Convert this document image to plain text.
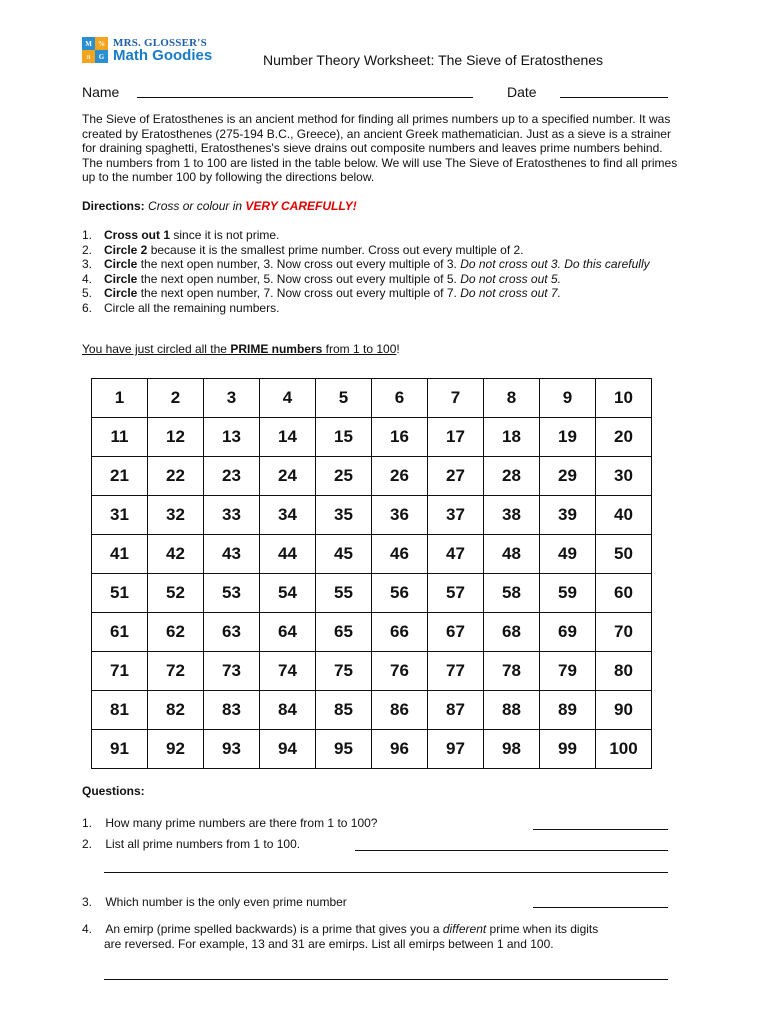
M %
π	G
MRS. GLOSSER'S
Math Goodies	Number Theory Worksheet: The Sieve of Eratosthenes
Name	Date
The Sieve of Eratosthenes is an ancient method for finding all primes numbers up to a specified number. It was created by Eratosthenes (275-194 B.C., Greece), an ancient Greek mathematician. Just as a sieve is a strainer for draining spaghetti, Eratosthenes's sieve drains out composite numbers and leaves prime numbers behind. The numbers from 1 to 100 are listed in the table below. We will use The Sieve of Eratosthenes to find all primes up to the number 100 by following the directions below.
Directions: Cross or colour in VERY CAREFULLY!
1. Cross out 1 since it is not prime.
2. Circle 2 because it is the smallest prime number. Cross out every multiple of 2.
3. Circle the next open number, 3. Now cross out every multiple of 3. Do not cross out 3. Do this carefully
4. Circle the next open number, 5. Now cross out every multiple of 5. Do not cross out 5.
5. Circle the next open number, 7. Now cross out every multiple of 7. Do not cross out 7.
6. Circle all the remaining numbers.
You have just circled all the PRIME numbers from 1 to 100!
1	2	3	4	5	6	7	8	9	10
11	12	13	14	15	16	17	18	19	20
21	22	23	24	25	26	27	28	29	30
31	32	33	34	35	36	37	38	39	40
41	42	43	44	45	46	47	48	49	50
51	52	53	54	55	56	57	58	59	60
61	62	63	64	65	66	67	68	69	70
71	72	73	74	75	76	77	78	79	80
81	82	83	84	85	86	87	88	89	90
91	92	93	94	95	96	97	98	99	100
Questions:
1. How many prime numbers are there from 1 to 100?
2. List all prime numbers from 1 to 100.
3. Which number is the only even prime number
4. An emirp (prime spelled backwards) is a prime that gives you a different prime when its digits
are reversed. For example, 13 and 31 are emirps. List all emirps between 1 and 100.
